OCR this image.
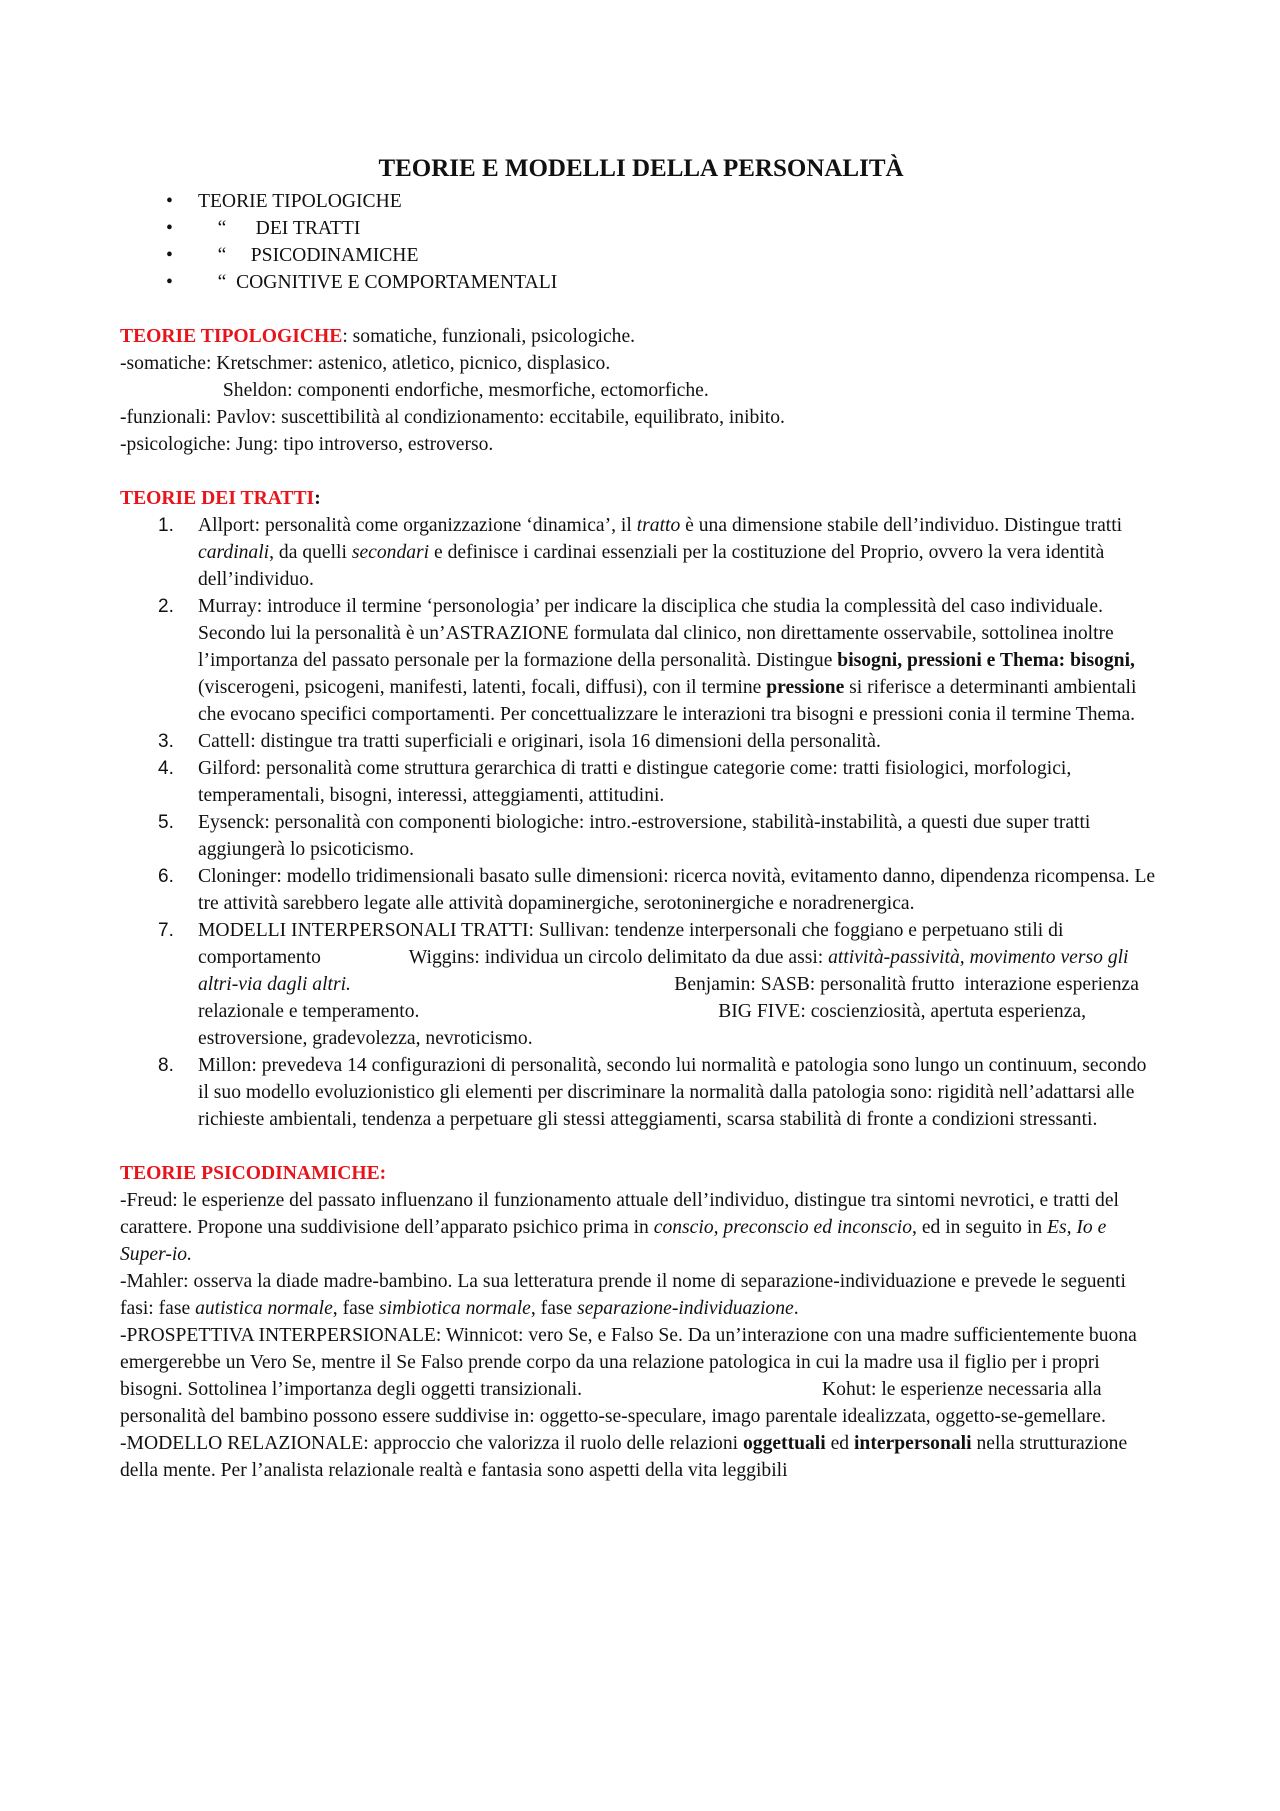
TEORIE E MODELLI DELLA PERSONALITÀ
• TEORIE TIPOLOGICHE
• “      DEI TRATTI
• “     PSICODINAMICHE
• “  COGNITIVE E COMPORTAMENTALI
TEORIE TIPOLOGICHE: somatiche, funzionali, psicologiche.
-somatiche: Kretschmer: astenico, atletico, picnico, displasico.
Sheldon: componenti endorfiche, mesmorfiche, ectomorfiche.
-funzionali: Pavlov: suscettibilità al condizionamento: eccitabile, equilibrato, inibito.
-psicologiche: Jung: tipo introverso, estroverso.
TEORIE DEI TRATTI:
1. Allport: personalità come organizzazione ‘dinamica’, il tratto è una dimensione stabile dell’individuo. Distingue tratti cardinali, da quelli secondari e definisce i cardinai essenziali per la costituzione del Proprio, ovvero la vera identità dell’individuo.
2. Murray: introduce il termine ‘personologia’ per indicare la disciplica che studia la complessità del caso individuale. Secondo lui la personalità è un’ASTRAZIONE formulata dal clinico, non direttamente osservabile, sottolinea inoltre l’importanza del passato personale per la formazione della personalità. Distingue bisogni, pressioni e Thema: bisogni, (viscerogeni, psicogeni, manifesti, latenti, focali, diffusi), con il termine pressione si riferisce a determinanti ambientali che evocano specifici comportamenti. Per concettualizzare le interazioni tra bisogni e pressioni conia il termine Thema.
3. Cattell: distingue tra tratti superficiali e originari, isola 16 dimensioni della personalità.
4. Gilford: personalità come struttura gerarchica di tratti e distingue categorie come: tratti fisiologici, morfologici, temperamentali, bisogni, interessi, atteggiamenti, attitudini.
5. Eysenck: personalità con componenti biologiche: intro.-estroversione, stabilità-instabilità, a questi due super tratti aggiungerà lo psicoticismo.
6. Cloninger: modello tridimensionali basato sulle dimensioni: ricerca novità, evitamento danno, dipendenza ricompensa. Le tre attività sarebbero legate alle attività dopaminergiche, serotoninergiche e noradrenergica.
7. MODELLI INTERPERSONALI TRATTI: Sullivan: tendenze interpersonali che foggiano e perpetuano stili di comportamento                  Wiggins: individua un circolo delimitato da due assi: attività-passività, movimento verso gli altri-via dagli altri.                                                                  Benjamin: SASB: personalità frutto  interazione esperienza relazionale e temperamento.                                                             BIG FIVE: coscienziosità, apertuta esperienza, estroversione, gradevolezza, nevroticismo.
8. Millon: prevedeva 14 configurazioni di personalità, secondo lui normalità e patologia sono lungo un continuum, secondo il suo modello evoluzionistico gli elementi per discriminare la normalità dalla patologia sono: rigidità nell’adattarsi alle richieste ambientali, tendenza a perpetuare gli stessi atteggiamenti, scarsa stabilità di fronte a condizioni stressanti.
TEORIE PSICODINAMICHE:
-Freud: le esperienze del passato influenzano il funzionamento attuale dell’individuo, distingue tra sintomi nevrotici, e tratti del carattere. Propone una suddivisione dell’apparato psichico prima in conscio, preconscio ed inconscio, ed in seguito in Es, Io e Super-io.
-Mahler: osserva la diade madre-bambino. La sua letteratura prende il nome di separazione-individuazione e prevede le seguenti fasi: fase autistica normale, fase simbiotica normale, fase separazione-individuazione.
-PROSPETTIVA INTERPERSIONALE: Winnicot: vero Se, e Falso Se. Da un’interazione con una madre sufficientemente buona emergerebbe un Vero Se, mentre il Se Falso prende corpo da una relazione patologica in cui la madre usa il figlio per i propri bisogni. Sottolinea l’importanza degli oggetti transizionali.                                                 Kohut: le esperienze necessaria alla personalità del bambino possono essere suddivise in: oggetto-se-speculare, imago parentale idealizzata, oggetto-se-gemellare.
-MODELLO RELAZIONALE: approccio che valorizza il ruolo delle relazioni oggettuali ed interpersonali nella strutturazione della mente. Per l’analista relazionale realtà e fantasia sono aspetti della vita leggibili
